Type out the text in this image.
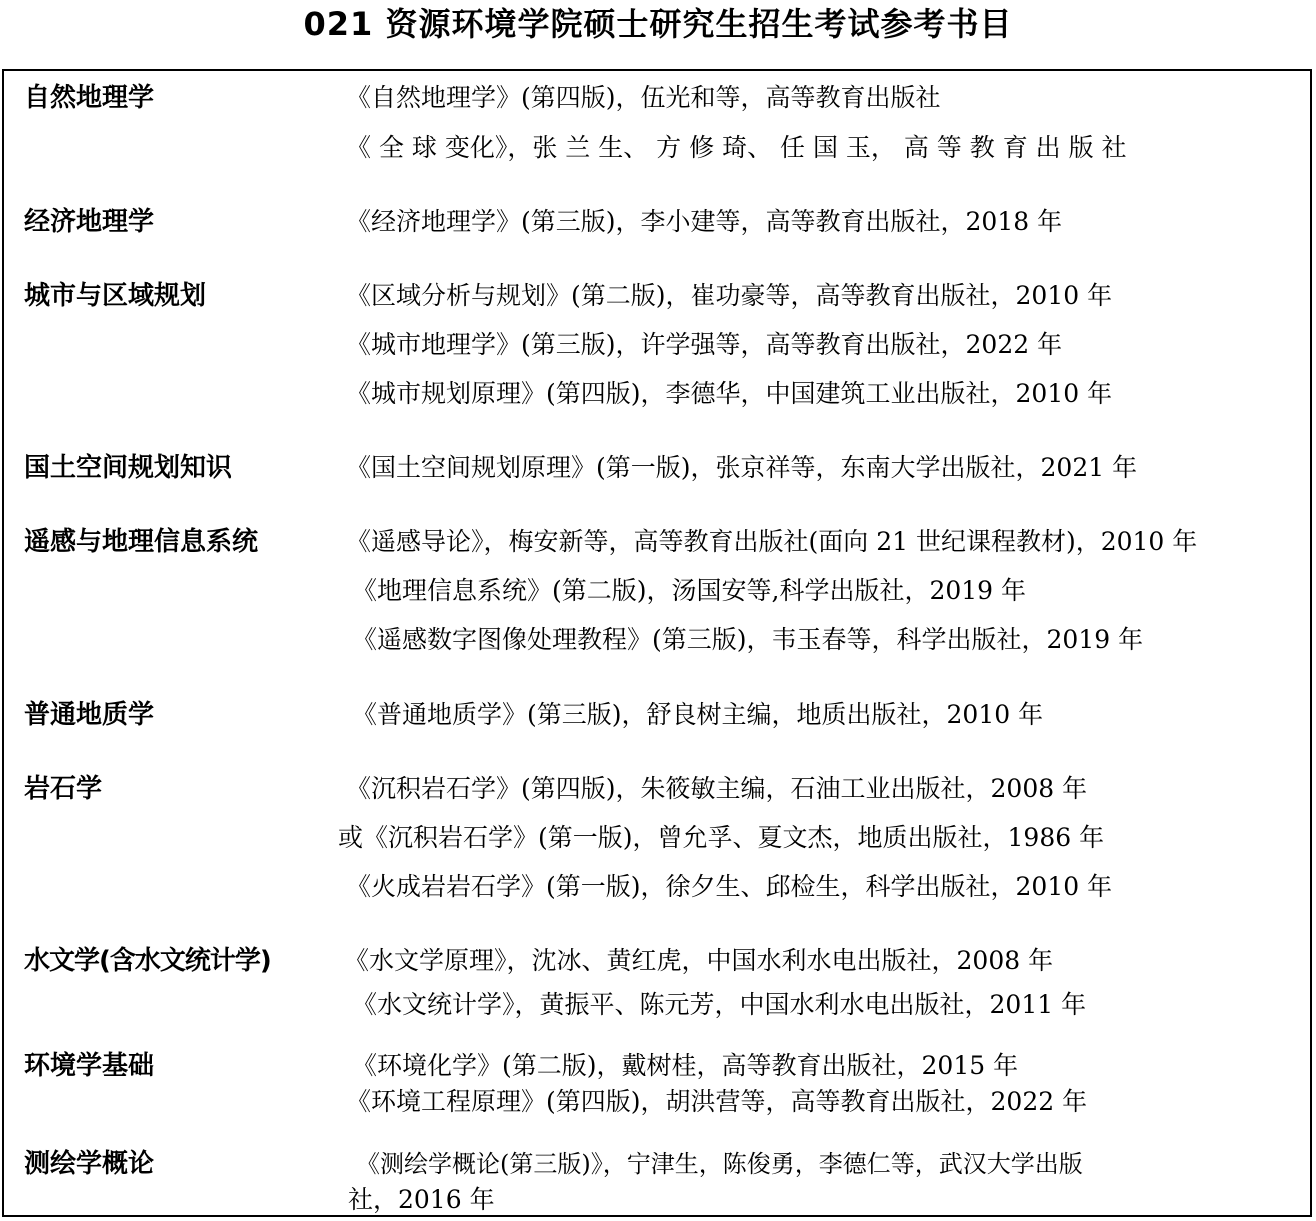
021 资源环境学院硕士研究生招生考试参考书目
自然地理学	《自然地理学》(第四版)，伍光和等，高等教育出版社
《 全 球 变化》，张 兰 生、 方 修 琦、 任 国 玉， 高 等 教 育 出 版 社
经济地理学	《经济地理学》(第三版)，李小建等，高等教育出版社，2018 年
城市与区域规划	《区域分析与规划》(第二版)，崔功豪等，高等教育出版社，2010 年
《城市地理学》(第三版)，许学强等，高等教育出版社，2022 年
《城市规划原理》(第四版)，李德华，中国建筑工业出版社，2010 年
国土空间规划知识	《国土空间规划原理》(第一版)，张京祥等，东南大学出版社，2021 年
遥感与地理信息系统	《遥感导论》，梅安新等，高等教育出版社(面向 21 世纪课程教材)，2010 年
《地理信息系统》(第二版)，汤国安等,科学出版社，2019 年
《遥感数字图像处理教程》(第三版)，韦玉春等，科学出版社，2019 年
普通地质学	《普通地质学》(第三版)，舒良树主编，地质出版社，2010 年
岩石学	《沉积岩石学》(第四版)，朱筱敏主编，石油工业出版社，2008 年
或《沉积岩石学》(第一版)，曾允孚、夏文杰，地质出版社，1986 年
《火成岩岩石学》(第一版)，徐夕生、邱检生，科学出版社，2010 年
水文学(含水文统计学)	《水文学原理》，沈冰、黄红虎，中国水利水电出版社，2008 年
《水文统计学》，黄振平、陈元芳，中国水利水电出版社，2011 年
环境学基础	《环境化学》(第二版)，戴树桂，高等教育出版社，2015 年
《环境工程原理》(第四版)，胡洪营等，高等教育出版社，2022 年
测绘学概论	《测绘学概论(第三版)》，宁津生，陈俊勇，李德仁等，武汉大学出版
社，2016 年
